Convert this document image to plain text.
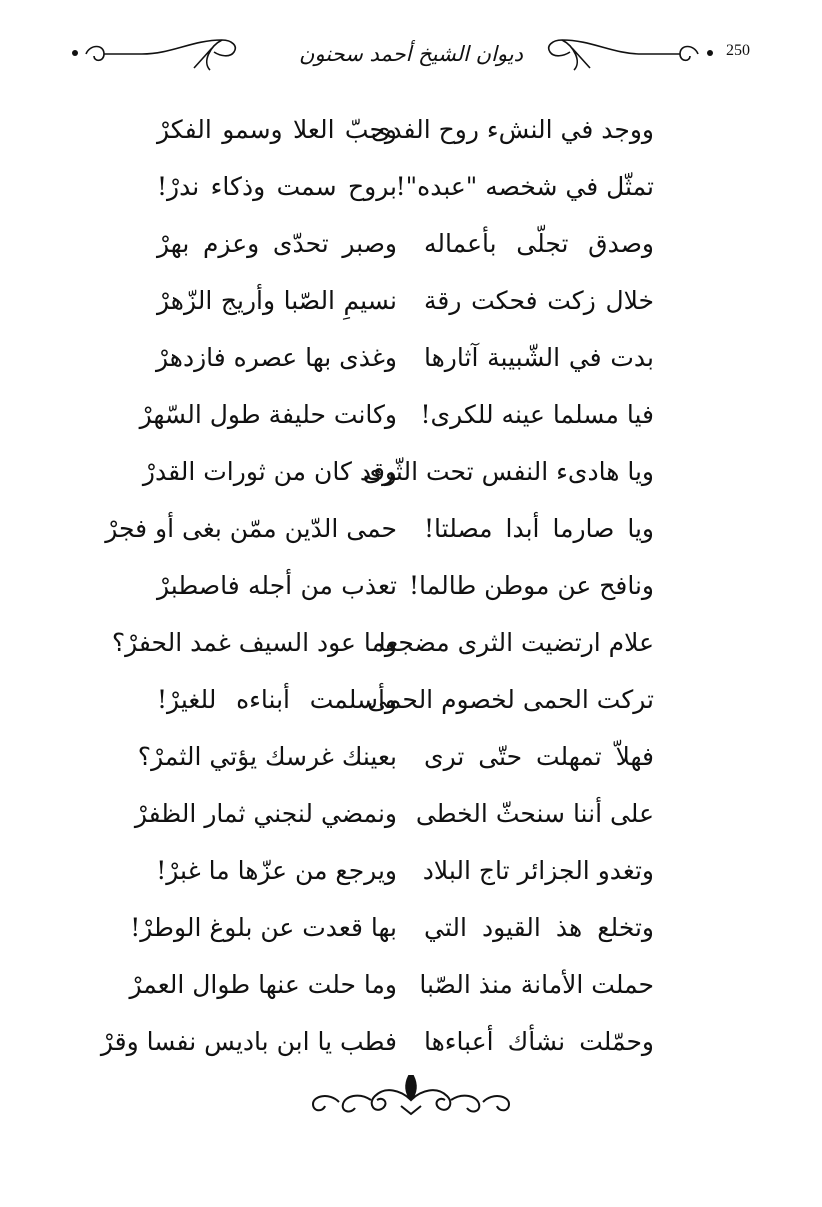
ديوان الشيخ أحمد سحنون	250
ووجد في النشء روح الفدى
وحبّ العلا وسمو الفكرْ
تمثّل في شخصه "عبده"!
بروح سمت وذكاء ندرْ!
وصدق تجلّى بأعماله
وصبر تحدّى وعزم بهرْ
خلال زكت فحكت رقة
نسيمِ الصّبا وأريج الزّهرْ
بدت في الشّبيبة آثارها
وغذى بها عصره فازدهرْ
فيا مسلما عينه للكرى!
وكانت حليفة طول السّهرْ
ويا هادىء النفس تحت الثّرى
وقد كان من ثورات القدرْ
ويا صارما أبدا مصلتا!
حمى الدّين ممّن بغى أو فجرْ
ونافح عن موطن طالما!
تعذب من أجله فاصطبرْ
علام ارتضيت الثرى مضجعا
وما عود السيف غمد الحفرْ؟
تركت الحمى لخصوم الحمى
وأسلمت أبناءه للغيرْ!
فهلاّ تمهلت حتّى ترى
بعينك غرسك يؤتي الثمرْ؟
على أننا سنحثّ الخطى
ونمضي لنجني ثمار الظفرْ
وتغدو الجزائر تاج البلاد
ويرجع من عزّها ما غبرْ!
وتخلع هذ القيود التي
بها قعدت عن بلوغ الوطرْ!
حملت الأمانة منذ الصّبا
وما حلت عنها طوال العمرْ
وحمّلت نشأك أعباءها
فطب يا ابن باديس نفسا وقرْ
